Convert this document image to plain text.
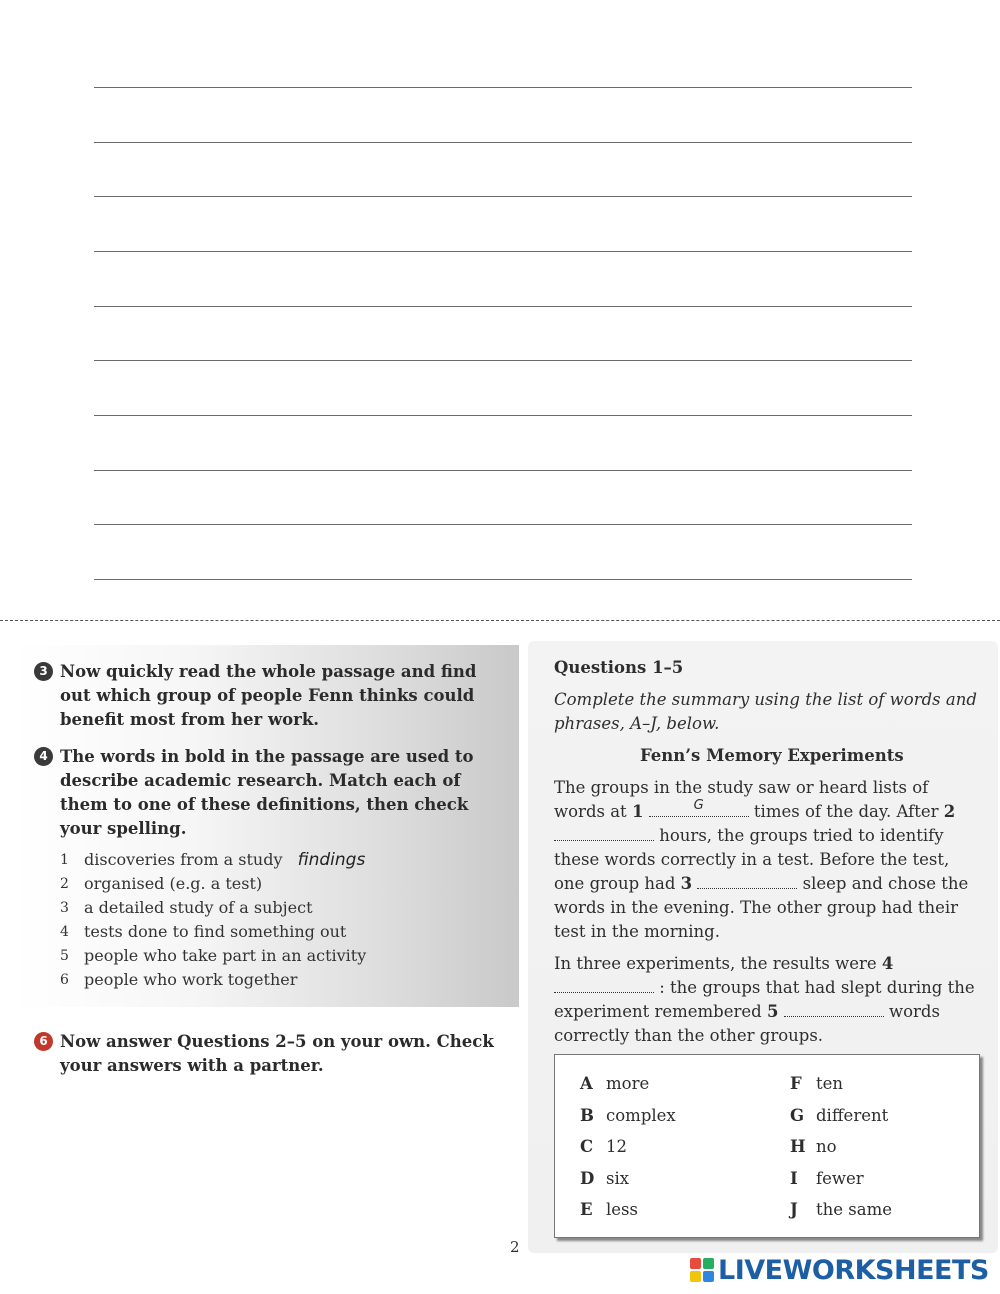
3 Now quickly read the whole passage and find out which group of people Fenn thinks could benefit most from her work.
4 The words in bold in the passage are used to describe academic research. Match each of them to one of these definitions, then check your spelling.
1 discoveries from a study findings
2 organised (e.g. a test)
3 a detailed study of a subject
4 tests done to find something out
5 people who take part in an activity
6 people who work together
6 Now answer Questions 2–5 on your own. Check your answers with a partner.
Questions 1–5
Complete the summary using the list of words and phrases, A–J, below.
Fenn’s Memory Experiments
The groups in the study saw or heard lists of words at 1	G	times of the day. After 2  hours, the groups tried to identify these words correctly in a test. Before the test, one group had 3	sleep and chose the words in the evening. The other group had their test in the morning.
In three experiments, the results were 4  : the groups that had slept during the experiment remembered 5	words correctly than the other groups.
A more
B complex
C 12
D six
E less
F ten
G different
H no
I fewer
J the same
2
LIVEWORKSHEETS
